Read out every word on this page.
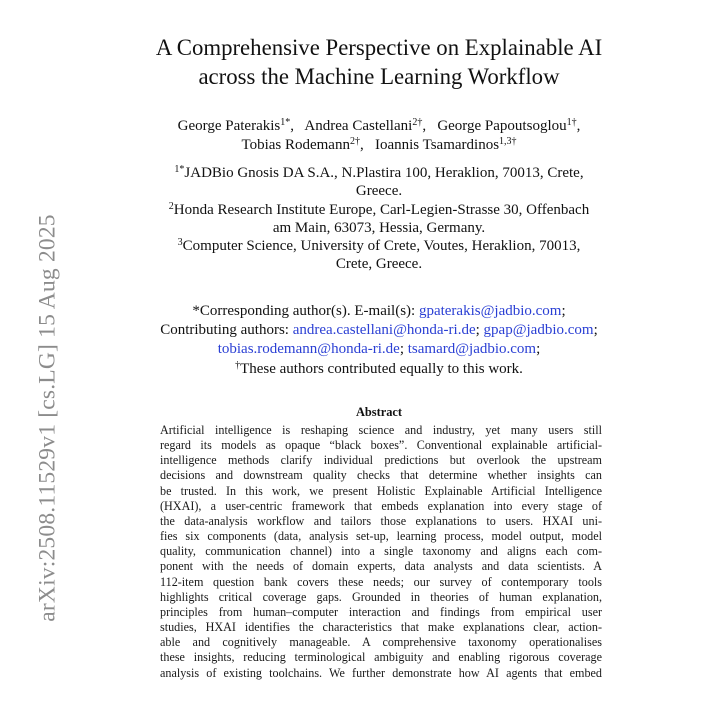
arXiv:2508.11529v1 [cs.LG] 15 Aug 2025
A Comprehensive Perspective on Explainable AI
across the Machine Learning Workflow
George Paterakis$^{1*}$, Andrea Castellani$^{2\dagger}$, George Papoutsoglou$^{1\dagger}$,
Tobias Rodemann$^{2\dagger}$, Ioannis Tsamardinos$^{1,3\dagger}$
$^{1*}$JADBio Gnosis DA S.A., N.Plastira 100, Heraklion, 70013, Crete,
Greece.
$^2$Honda Research Institute Europe, Carl-Legien-Strasse 30, Offenbach
am Main, 63073, Hessia, Germany.
$^3$Computer Science, University of Crete, Voutes, Heraklion, 70013,
Crete, Greece.
*Corresponding author(s). E-mail(s): gpaterakis@jadbio.com;
Contributing authors: andrea.castellani@honda-ri.de; gpap@jadbio.com;
tobias.rodemann@honda-ri.de; tsamard@jadbio.com;
†These authors contributed equally to this work.
Abstract
Artificial intelligence is reshaping science and industry, yet many users still
regard its models as opaque “black boxes”. Conventional explainable artificial-
intelligence methods clarify individual predictions but overlook the upstream
decisions and downstream quality checks that determine whether insights can
be trusted. In this work, we present Holistic Explainable Artificial Intelligence
(HXAI), a user-centric framework that embeds explanation into every stage of
the data-analysis workflow and tailors those explanations to users. HXAI uni-
fies six components (data, analysis set-up, learning process, model output, model
quality, communication channel) into a single taxonomy and aligns each com-
ponent with the needs of domain experts, data analysts and data scientists. A
112-item question bank covers these needs; our survey of contemporary tools
highlights critical coverage gaps. Grounded in theories of human explanation,
principles from human–computer interaction and findings from empirical user
studies, HXAI identifies the characteristics that make explanations clear, action-
able and cognitively manageable. A comprehensive taxonomy operationalises
these insights, reducing terminological ambiguity and enabling rigorous coverage
analysis of existing toolchains. We further demonstrate how AI agents that embed
